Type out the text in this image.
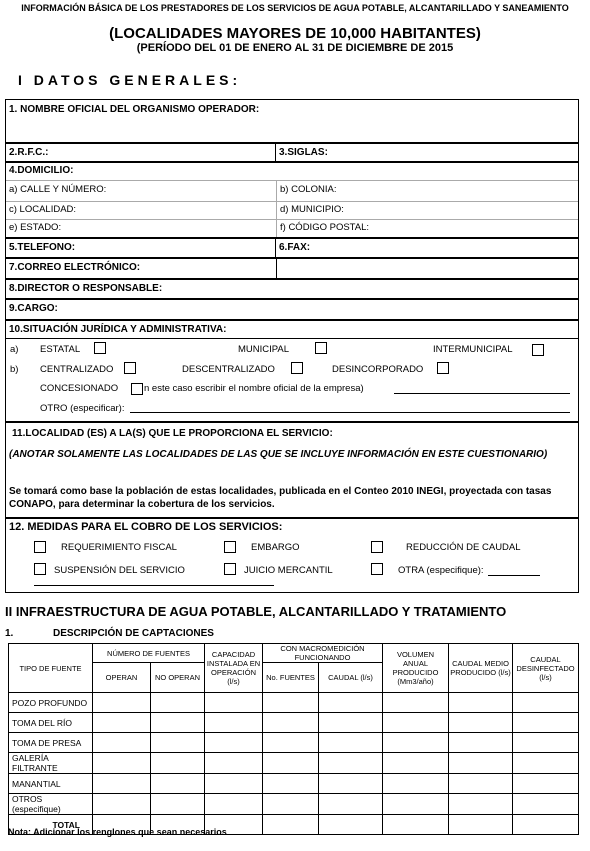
INFORMACIÓN BÁSICA DE LOS PRESTADORES DE LOS SERVICIOS DE AGUA POTABLE, ALCANTARILLADO Y SANEAMIENTO
(LOCALIDADES MAYORES DE 10,000 HABITANTES)
(PERÍODO DEL 01 DE ENERO AL 31 DE DICIEMBRE DE 2015
I DATOS GENERALES:
1. NOMBRE OFICIAL DEL ORGANISMO OPERADOR:
2.R.F.C.:	3.SIGLAS:
4.DOMICILIO:
a) CALLE Y NÚMERO:	b) COLONIA:
c) LOCALIDAD:	d) MUNICIPIO:
e) ESTADO:	f) CÓDIGO POSTAL:
5.TELEFONO:	6.FAX:
7.CORREO ELECTRÓNICO:
8.DIRECTOR O RESPONSABLE:
9.CARGO:
10.SITUACIÓN JURÍDICA Y ADMINISTRATIVA:
a) ESTATAL	MUNICIPAL	INTERMUNICIPAL
b) CENTRALIZADO	DESCENTRALIZADO	DESINCORPORADO
CONCESIONADO	n este caso escribir el nombre oficial de la empresa)
OTRO (especificar):
11.LOCALIDAD (ES) A LA(S) QUE LE PROPORCIONA EL SERVICIO:
(ANOTAR SOLAMENTE LAS LOCALIDADES DE LAS QUE SE INCLUYE INFORMACIÓN EN ESTE CUESTIONARIO)
Se tomará como base la población de estas localidades, publicada en el Conteo 2010 INEGI, proyectada con tasas CONAPO, para determinar la cobertura de los servicios.
12. MEDIDAS PARA EL COBRO DE LOS SERVICIOS:
REQUERIMIENTO FISCAL	EMBARGO	REDUCCIÓN DE CAUDAL
SUSPENSIÓN DEL SERVICIO	JUICIO MERCANTIL	OTRA (especifique):
II INFRAESTRUCTURA DE AGUA POTABLE, ALCANTARILLADO Y TRATAMIENTO
1.	DESCRIPCIÓN DE CAPTACIONES
TIPO DE FUENTE	NÚMERO DE FUENTES		CAPACIDAD INSTALADA EN OPERACIÓN (l/s)	CON MACROMEDICIÓN FUNCIONANDO		VOLUMEN ANUAL PRODUCIDO (Mm3/año)	CAUDAL MEDIO PRODUCIDO (l/s)	CAUDAL DESINFECTADO (l/s)
	OPERAN	NO OPERAN		No. FUENTES	CAUDAL (l/s)			
POZO PROFUNDO								
TOMA DEL RÍO								
TOMA DE PRESA								
GALERÍA FILTRANTE								
MANANTIAL								
OTROS (especifique)								
TOTAL								
Nota: Adicionar los renglones que sean necesarios
